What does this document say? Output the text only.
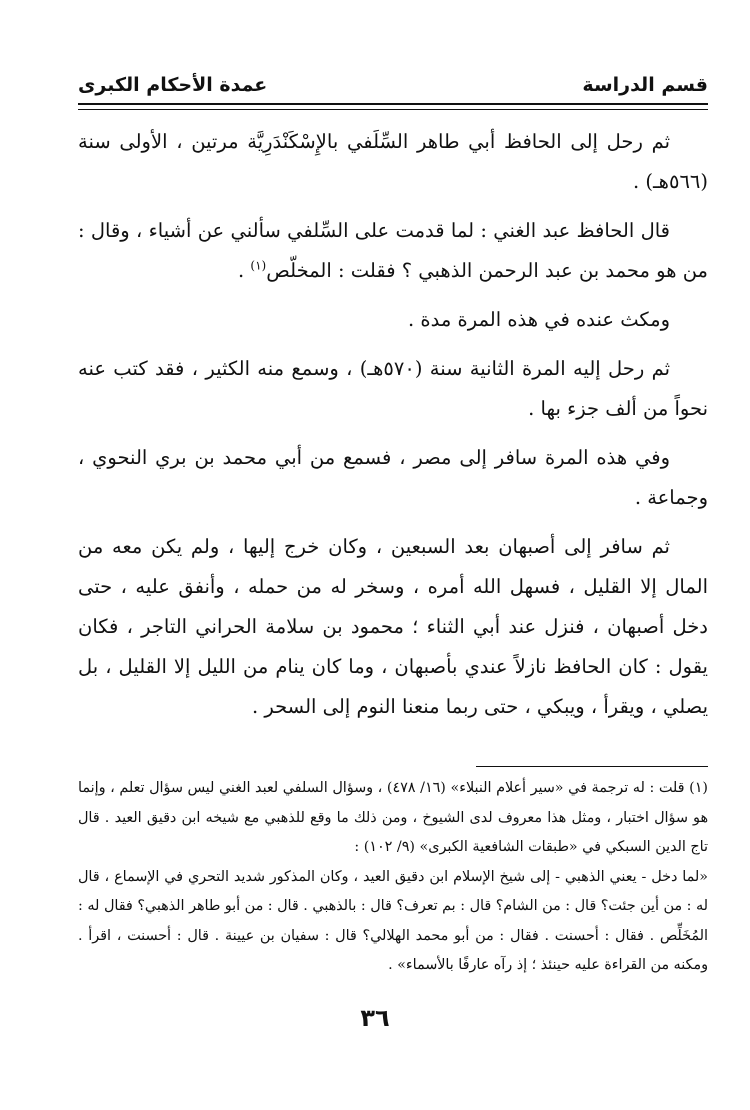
قسم الدراسة
عمدة الأحكام الكبرى

ثم رحل إلى الحافظ أبي طاهر السِّلَفي بالإِسْكَنْدَرِيَّة مرتين ، الأولى سنة (٥٦٦هـ) .

قال الحافظ عبد الغني : لما قدمت على السِّلفي سألني عن أشياء ، وقال : من هو محمد بن عبد الرحمن الذهبي ؟ فقلت : المخلّص$^{(١)}$ .

ومكث عنده في هذه المرة مدة .

ثم رحل إليه المرة الثانية سنة (٥٧٠هـ) ، وسمع منه الكثير ، فقد كتب عنه نحواً من ألف جزء بها .

وفي هذه المرة سافر إلى مصر ، فسمع من أبي محمد بن بري النحوي ، وجماعة .

ثم سافر إلى أصبهان بعد السبعين ، وكان خرج إليها ، ولم يكن معه من المال إلا القليل ، فسهل الله أمره ، وسخر له من حمله ، وأنفق عليه ، حتى دخل أصبهان ، فنزل عند أبي الثناء ؛ محمود بن سلامة الحراني التاجر ، فكان يقول : كان الحافظ نازلاً عندي بأصبهان ، وما كان ينام من الليل إلا القليل ، بل يصلي ، ويقرأ ، ويبكي ، حتى ربما منعنا النوم إلى السحر .

(١) قلت : له ترجمة في «سير أعلام النبلاء» (١٦/ ٤٧٨) ، وسؤال السلفي لعبد الغني ليس سؤال تعلم ، وإنما هو سؤال اختبار ، ومثل هذا معروف لدى الشيوخ ، ومن ذلك ما وقع للذهبي مع شيخه ابن دقيق العيد . قال تاج الدين السبكي في «طبقات الشافعية الكبرى» (٩/ ١٠٢) :

«لما دخل - يعني الذهبي - إلى شيخ الإسلام ابن دقيق العيد ، وكان المذكور شديد التحري في الإسماع ، قال له : من أين جئت؟ قال : من الشام؟ قال : بم تعرف؟ قال : بالذهبي . قال : من أبو طاهر الذهبي؟ فقال له : المُخَلِّص . فقال : أحسنت . فقال : من أبو محمد الهلالي؟ قال : سفيان بن عيينة . قال : أحسنت ، اقرأ . ومكنه من القراءة عليه حينئذ ؛ إذ رآه عارفًا بالأسماء» .

٣٦
